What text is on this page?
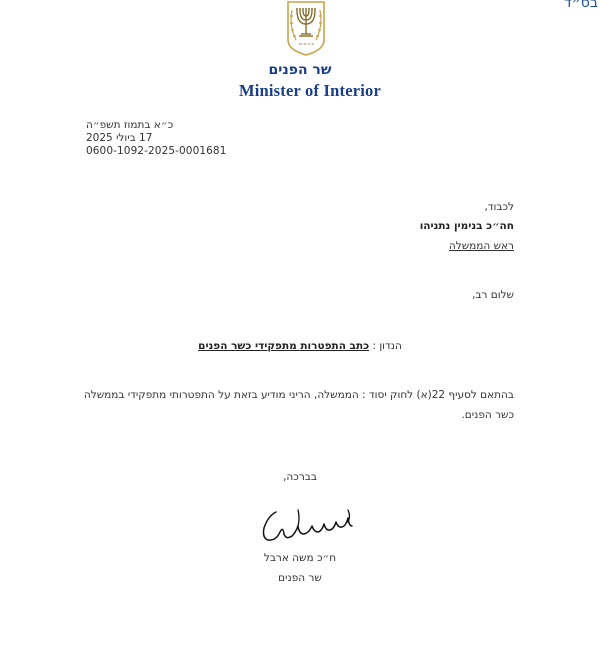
בס״ד
שר הפנים
Minister of Interior
כ״א בתמוז תשפ״ה
17 ביולי 2025
0600-1092-2025-0001681
לכבוד,
חה״כ בנימין נתניהו
ראש הממשלה
שלום רב,
הנדון : כתב התפטרות מתפקידי כשר הפנים
בהתאם לסעיף 22(א) לחוק יסוד : הממשלה, הריני מודיע בזאת על התפטרותי מתפקידי בממשלה
כשר הפנים.
בברכה,
ח״כ משה ארבל
שר הפנים
